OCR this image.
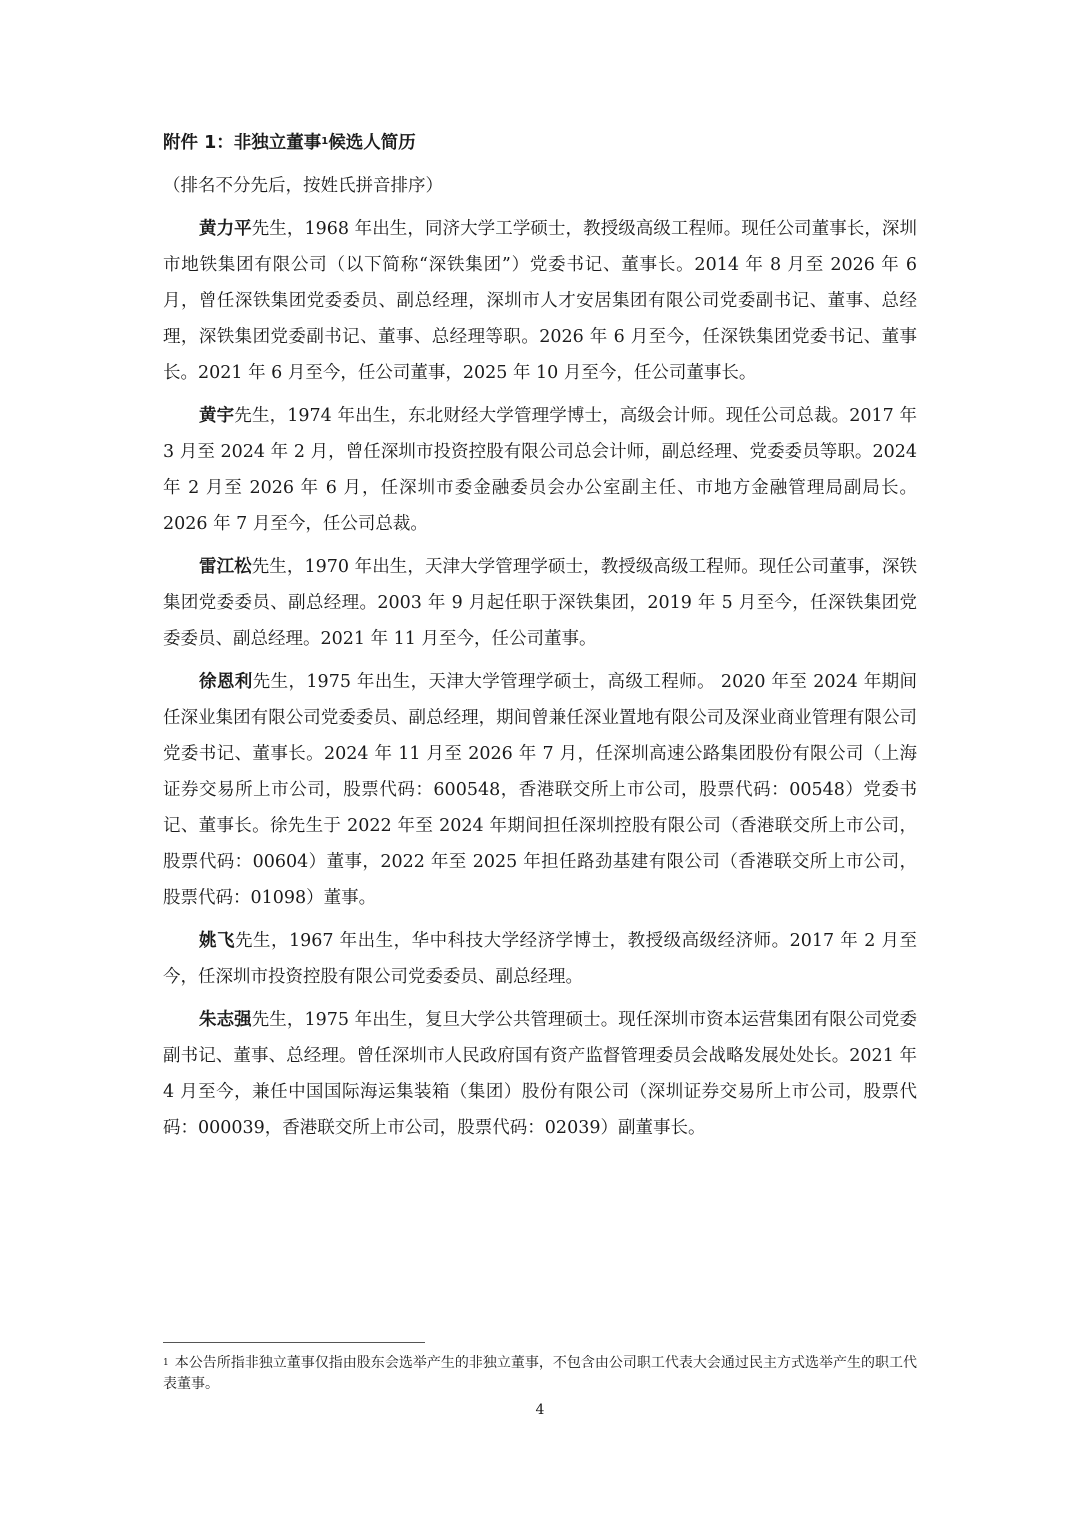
附件 1：非独立董事$^1$候选人简历

（排名不分先后，按姓氏拼音排序）

黄力平先生，1968 年出生，同济大学工学硕士，教授级高级工程师。现任公司董事长，深圳市地铁集团有限公司（以下简称“深铁集团”）党委书记、董事长。2014 年 8 月至 2026 年 6 月，曾任深铁集团党委委员、副总经理，深圳市人才安居集团有限公司党委副书记、董事、总经理，深铁集团党委副书记、董事、总经理等职。2026 年 6 月至今，任深铁集团党委书记、董事长。2021 年 6 月至今，任公司董事，2025 年 10 月至今，任公司董事长。

黄宇先生，1974 年出生，东北财经大学管理学博士，高级会计师。现任公司总裁。2017 年 3 月至 2024 年 2 月，曾任深圳市投资控股有限公司总会计师，副总经理、党委委员等职。2024 年 2 月至 2026 年 6 月，任深圳市委金融委员会办公室副主任、市地方金融管理局副局长。2026 年 7 月至今，任公司总裁。

雷江松先生，1970 年出生，天津大学管理学硕士，教授级高级工程师。现任公司董事，深铁集团党委委员、副总经理。2003 年 9 月起任职于深铁集团，2019 年 5 月至今，任深铁集团党委委员、副总经理。2021 年 11 月至今，任公司董事。

徐恩利先生，1975 年出生，天津大学管理学硕士，高级工程师。 2020 年至 2024 年期间任深业集团有限公司党委委员、副总经理，期间曾兼任深业置地有限公司及深业商业管理有限公司党委书记、董事长。2024 年 11 月至 2026 年 7 月，任深圳高速公路集团股份有限公司（上海证券交易所上市公司，股票代码：600548，香港联交所上市公司，股票代码：00548）党委书记、董事长。徐先生于 2022 年至 2024 年期间担任深圳控股有限公司（香港联交所上市公司，股票代码：00604）董事，2022 年至 2025 年担任路劲基建有限公司（香港联交所上市公司，股票代码：01098）董事。

姚飞先生，1967 年出生，华中科技大学经济学博士，教授级高级经济师。2017 年 2 月至今，任深圳市投资控股有限公司党委委员、副总经理。

朱志强先生，1975 年出生，复旦大学公共管理硕士。现任深圳市资本运营集团有限公司党委副书记、董事、总经理。曾任深圳市人民政府国有资产监督管理委员会战略发展处处长。2021 年 4 月至今，兼任中国国际海运集装箱（集团）股份有限公司（深圳证券交易所上市公司，股票代码：000039，香港联交所上市公司，股票代码：02039）副董事长。

$^1$ 本公告所指非独立董事仅指由股东会选举产生的非独立董事，不包含由公司职工代表大会通过民主方式选举产生的职工代表董事。
4
